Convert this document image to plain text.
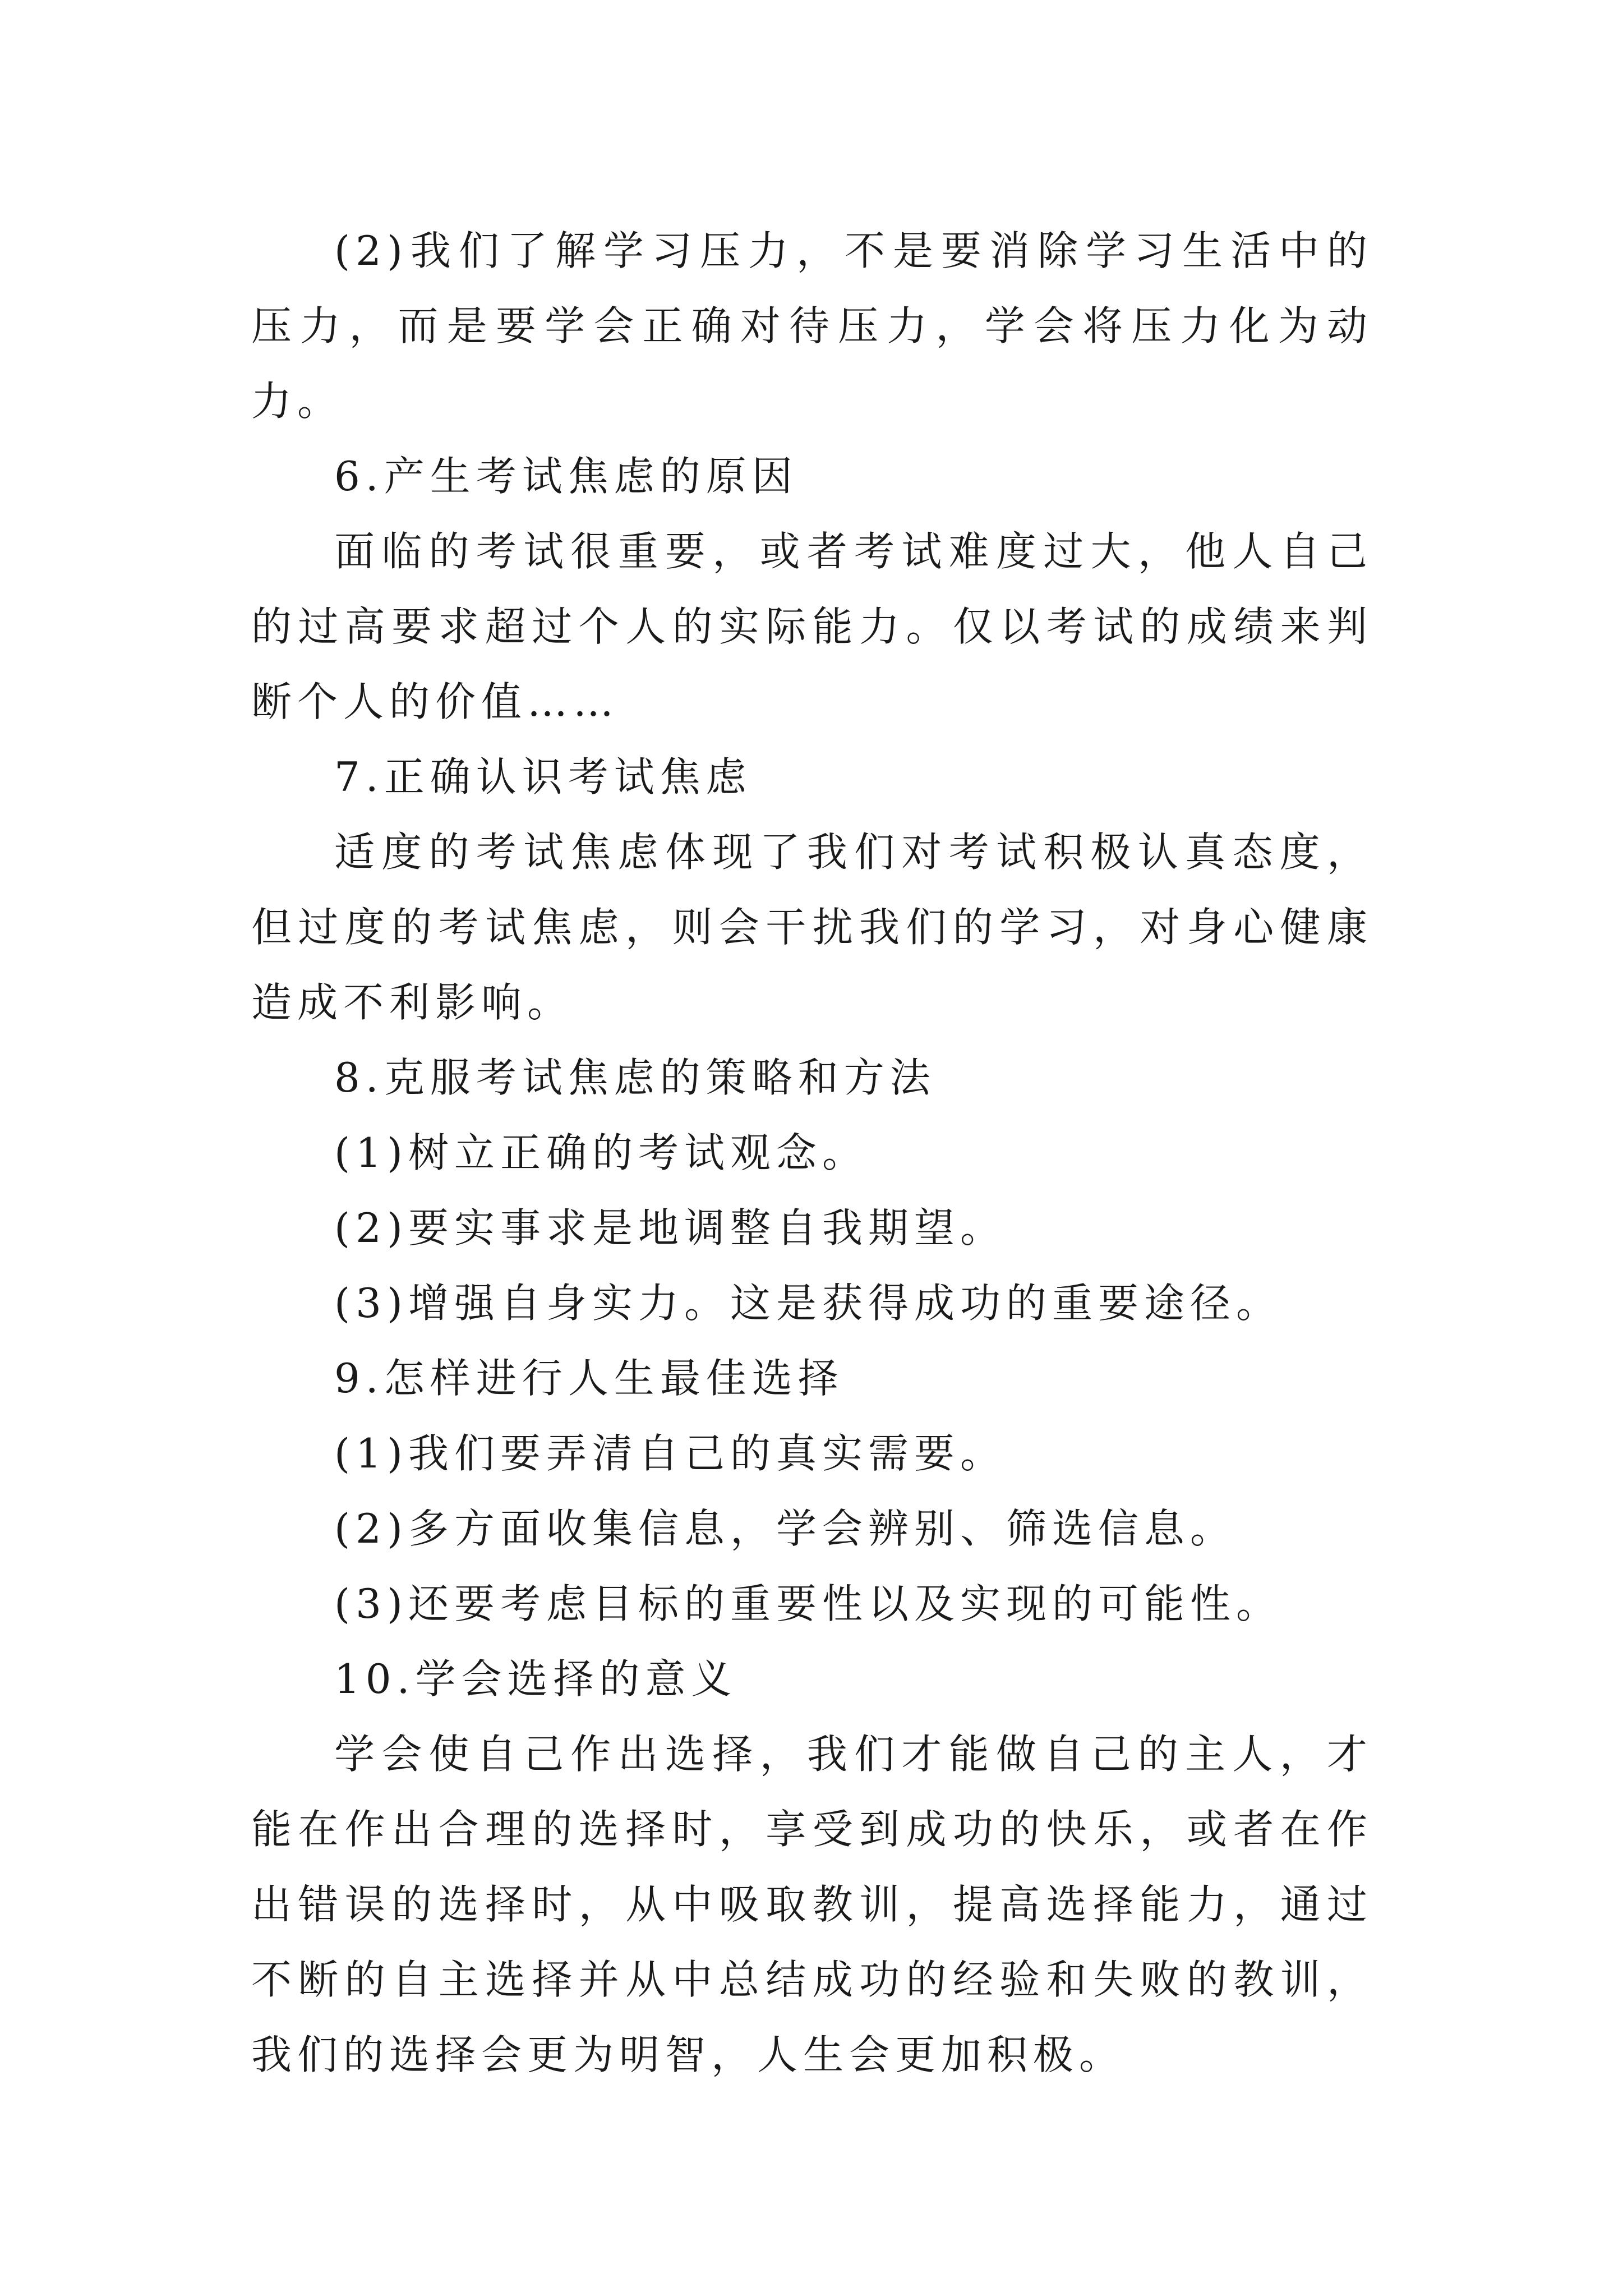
(2)我们了解学习压力，不是要消除学习生活中的压力，而是要学会正确对待压力，学会将压力化为动力。

6.产生考试焦虑的原因

面临的考试很重要，或者考试难度过大，他人自己的过高要求超过个人的实际能力。仅以考试的成绩来判断个人的价值……

7.正确认识考试焦虑

适度的考试焦虑体现了我们对考试积极认真态度，但过度的考试焦虑，则会干扰我们的学习，对身心健康造成不利影响。

8.克服考试焦虑的策略和方法

(1)树立正确的考试观念。

(2)要实事求是地调整自我期望。

(3)增强自身实力。这是获得成功的重要途径。

9.怎样进行人生最佳选择

(1)我们要弄清自己的真实需要。

(2)多方面收集信息，学会辨别、筛选信息。

(3)还要考虑目标的重要性以及实现的可能性。

10.学会选择的意义

学会使自己作出选择，我们才能做自己的主人，才能在作出合理的选择时，享受到成功的快乐，或者在作出错误的选择时，从中吸取教训，提高选择能力，通过不断的自主选择并从中总结成功的经验和失败的教训，我们的选择会更为明智，人生会更加积极。
